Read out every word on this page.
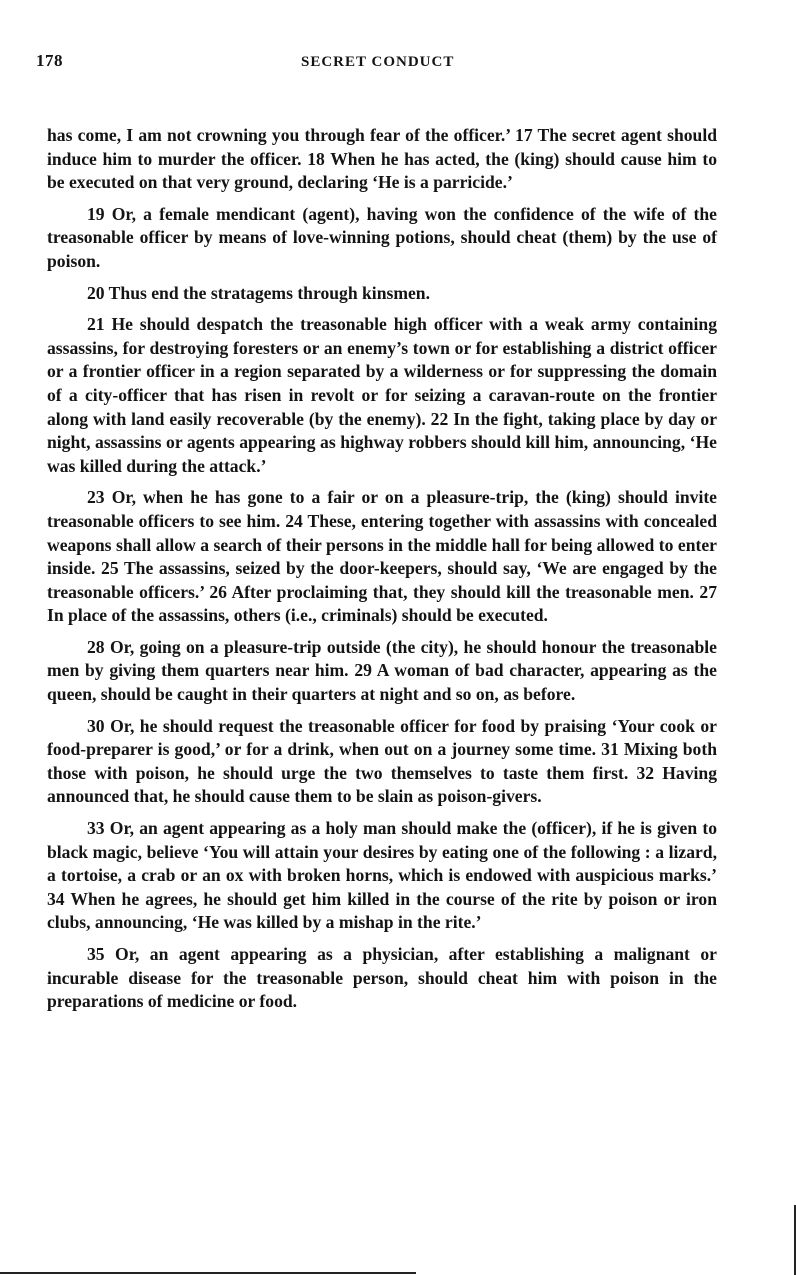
178	SECRET CONDUCT

has come, I am not crowning you through fear of the officer.’ 17 The secret agent should induce him to murder the officer. 18 When he has acted, the (king) should cause him to be executed on that very ground, declaring ‘He is a parricide.’

19 Or, a female mendicant (agent), having won the confidence of the wife of the treasonable officer by means of love-winning potions, should cheat (them) by the use of poison.

20 Thus end the stratagems through kinsmen.

21 He should despatch the treasonable high officer with a weak army containing assassins, for destroying foresters or an enemy’s town or for establishing a district officer or a frontier officer in a region separated by a wilderness or for suppressing the domain of a city-officer that has risen in revolt or for seizing a caravan-route on the frontier along with land easily recoverable (by the enemy). 22 In the fight, taking place by day or night, assassins or agents appearing as highway robbers should kill him, announcing, ‘He was killed during the attack.’

23 Or, when he has gone to a fair or on a pleasure-trip, the (king) should invite treasonable officers to see him. 24 These, entering together with assassins with concealed weapons shall allow a search of their persons in the middle hall for being allowed to enter inside. 25 The assassins, seized by the door-keepers, should say, ‘We are engaged by the treasonable officers.’ 26 After proclaiming that, they should kill the treasonable men. 27 In place of the assassins, others (i.e., criminals) should be executed.

28 Or, going on a pleasure-trip outside (the city), he should honour the treasonable men by giving them quarters near him. 29 A woman of bad character, appearing as the queen, should be caught in their quarters at night and so on, as before.

30 Or, he should request the treasonable officer for food by praising ‘Your cook or food-preparer is good,’ or for a drink, when out on a journey some time. 31 Mixing both those with poison, he should urge the two themselves to taste them first. 32 Having announced that, he should cause them to be slain as poison-givers.

33 Or, an agent appearing as a holy man should make the (officer), if he is given to black magic, believe ‘You will attain your desires by eating one of the following : a lizard, a tortoise, a crab or an ox with broken horns, which is endowed with auspicious marks.’ 34 When he agrees, he should get him killed in the course of the rite by poison or iron clubs, announcing, ‘He was killed by a mishap in the rite.’

35 Or, an agent appearing as a physician, after establishing a malignant or incurable disease for the treasonable person, should cheat him with poison in the preparations of medicine or food.
